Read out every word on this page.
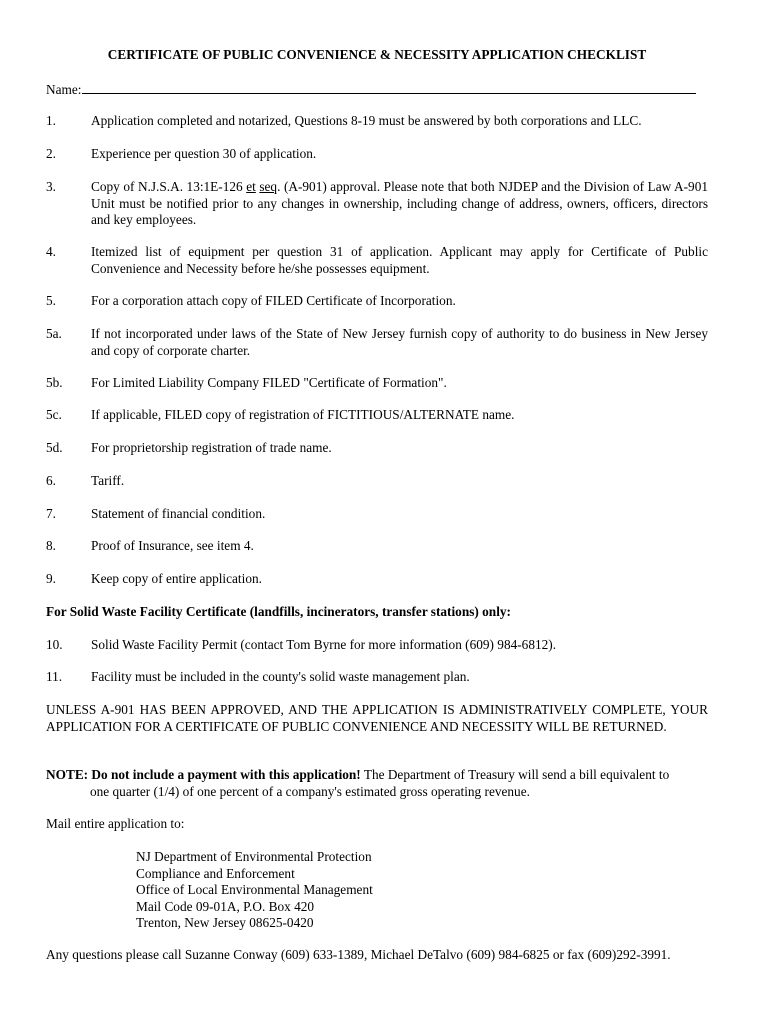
CERTIFICATE OF PUBLIC CONVENIENCE & NECESSITY APPLICATION CHECKLIST
Name:
1.	Application completed and notarized, Questions 8-19 must be answered by both corporations and LLC.
2.	Experience per question 30 of application.
3.	Copy of N.J.S.A. 13:1E-126 et seq. (A-901) approval. Please note that both NJDEP and the Division of Law A-901 Unit must be notified prior to any changes in ownership, including change of address, owners, officers, directors and key employees.
4.	Itemized list of equipment per question 31 of application. Applicant may apply for Certificate of Public Convenience and Necessity before he/she possesses equipment.
5.	For a corporation attach copy of FILED Certificate of Incorporation.
5a.	If not incorporated under laws of the State of New Jersey furnish copy of authority to do business in New Jersey and copy of corporate charter.
5b.	For Limited Liability Company FILED "Certificate of Formation".
5c.	If applicable, FILED copy of registration of FICTITIOUS/ALTERNATE name.
5d.	For proprietorship registration of trade name.
6.	Tariff.
7.	Statement of financial condition.
8.	Proof of Insurance, see item 4.
9.	Keep copy of entire application.
For Solid Waste Facility Certificate (landfills, incinerators, transfer stations) only:
10.	Solid Waste Facility Permit (contact Tom Byrne for more information (609) 984-6812).
11.	Facility must be included in the county's solid waste management plan.
UNLESS A-901 HAS BEEN APPROVED, AND THE APPLICATION IS ADMINISTRATIVELY COMPLETE, YOUR APPLICATION FOR A CERTIFICATE OF PUBLIC CONVENIENCE AND NECESSITY WILL BE RETURNED.
NOTE: Do not include a payment with this application! The Department of Treasury will send a bill equivalent to
one quarter (1/4) of one percent of a company's estimated gross operating revenue.
Mail entire application to:
NJ Department of Environmental Protection
Compliance and Enforcement
Office of Local Environmental Management
Mail Code 09-01A, P.O. Box 420
Trenton, New Jersey 08625-0420
Any questions please call Suzanne Conway (609) 633-1389, Michael DeTalvo (609) 984-6825 or fax (609)292-3991.
